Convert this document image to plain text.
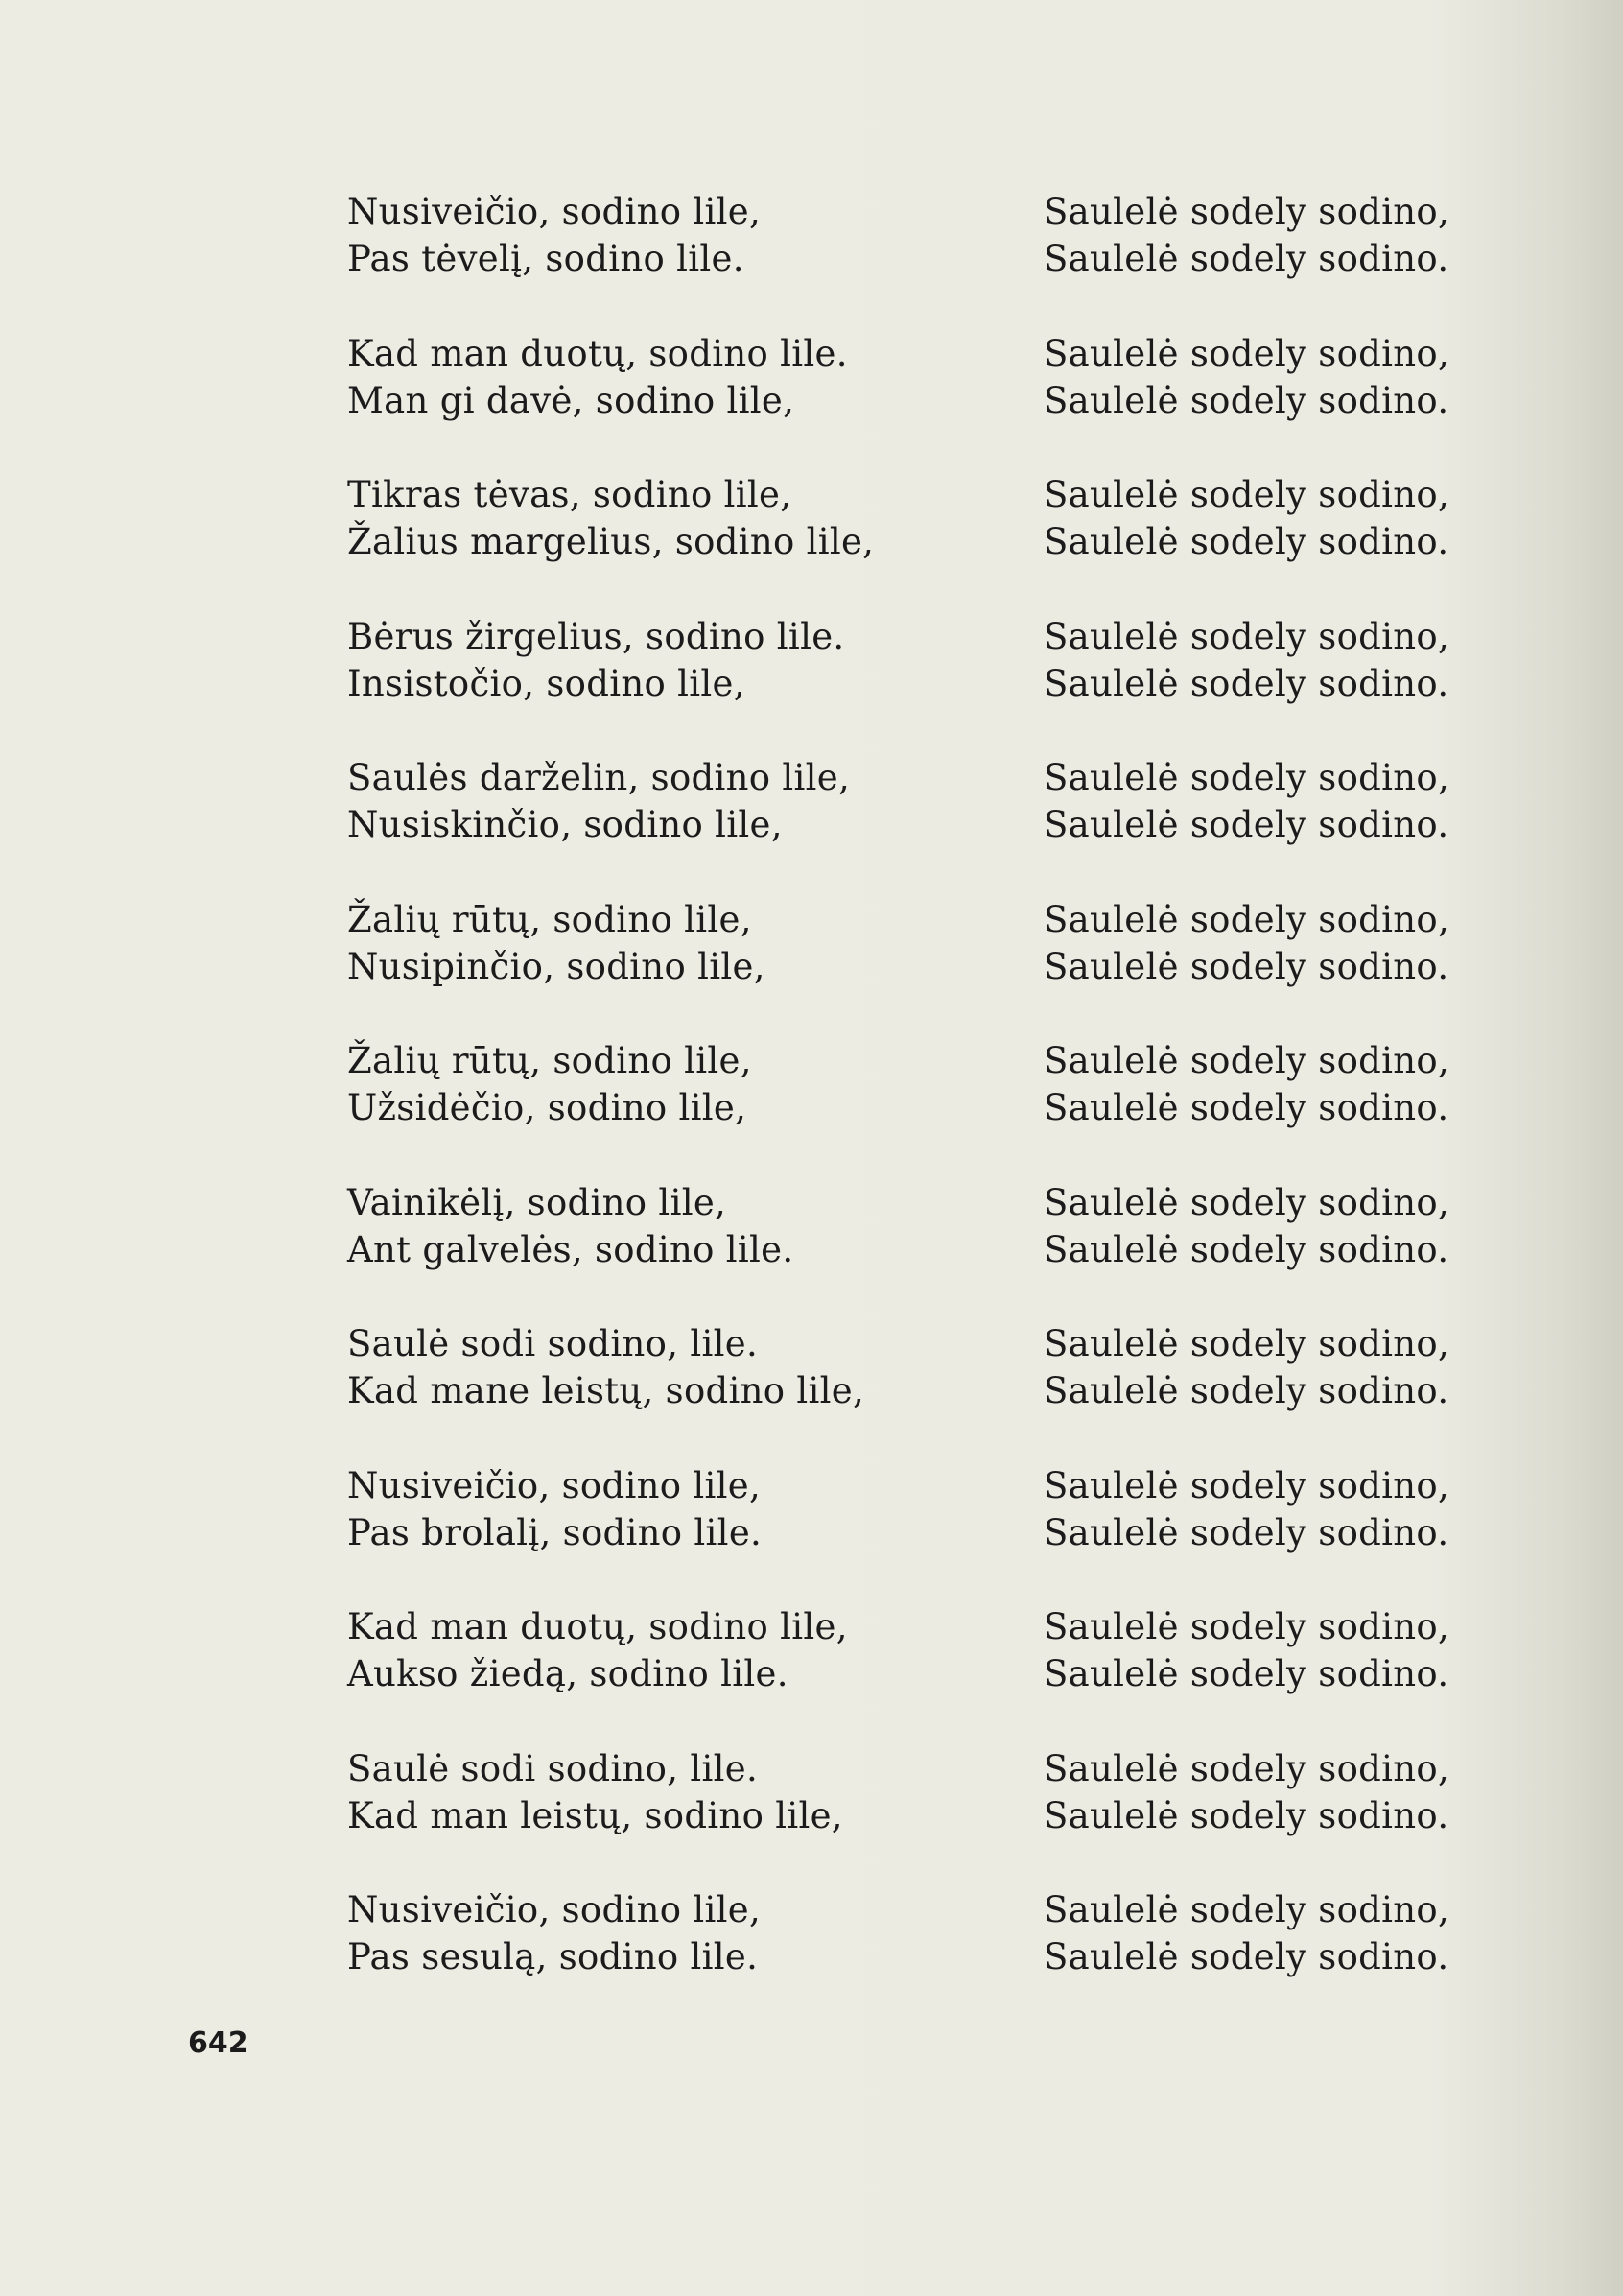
Nusiveičio, sodino lile,
Pas tėvelį, sodino lile.
Saulelė sodely sodino,
Saulelė sodely sodino.
Kad man duotų, sodino lile.
Man gi davė, sodino lile,
Saulelė sodely sodino,
Saulelė sodely sodino.
Tikras tėvas, sodino lile,
Žalius margelius, sodino lile,
Saulelė sodely sodino,
Saulelė sodely sodino.
Bėrus žirgelius, sodino lile.
Insistočio, sodino lile,
Saulelė sodely sodino,
Saulelė sodely sodino.
Saulės darželin, sodino lile,
Nusiskinčio, sodino lile,
Saulelė sodely sodino,
Saulelė sodely sodino.
Žalių rūtų, sodino lile,
Nusipinčio, sodino lile,
Saulelė sodely sodino,
Saulelė sodely sodino.
Žalių rūtų, sodino lile,
Užsidėčio, sodino lile,
Saulelė sodely sodino,
Saulelė sodely sodino.
Vainikėlį, sodino lile,
Ant galvelės, sodino lile.
Saulelė sodely sodino,
Saulelė sodely sodino.
Saulė sodi sodino, lile.
Kad mane leistų, sodino lile,
Saulelė sodely sodino,
Saulelė sodely sodino.
Nusiveičio, sodino lile,
Pas brolalį, sodino lile.
Saulelė sodely sodino,
Saulelė sodely sodino.
Kad man duotų, sodino lile,
Aukso žiedą, sodino lile.
Saulelė sodely sodino,
Saulelė sodely sodino.
Saulė sodi sodino, lile.
Kad man leistų, sodino lile,
Saulelė sodely sodino,
Saulelė sodely sodino.
Nusiveičio, sodino lile,
Pas sesulą, sodino lile.
Saulelė sodely sodino,
Saulelė sodely sodino.
642
